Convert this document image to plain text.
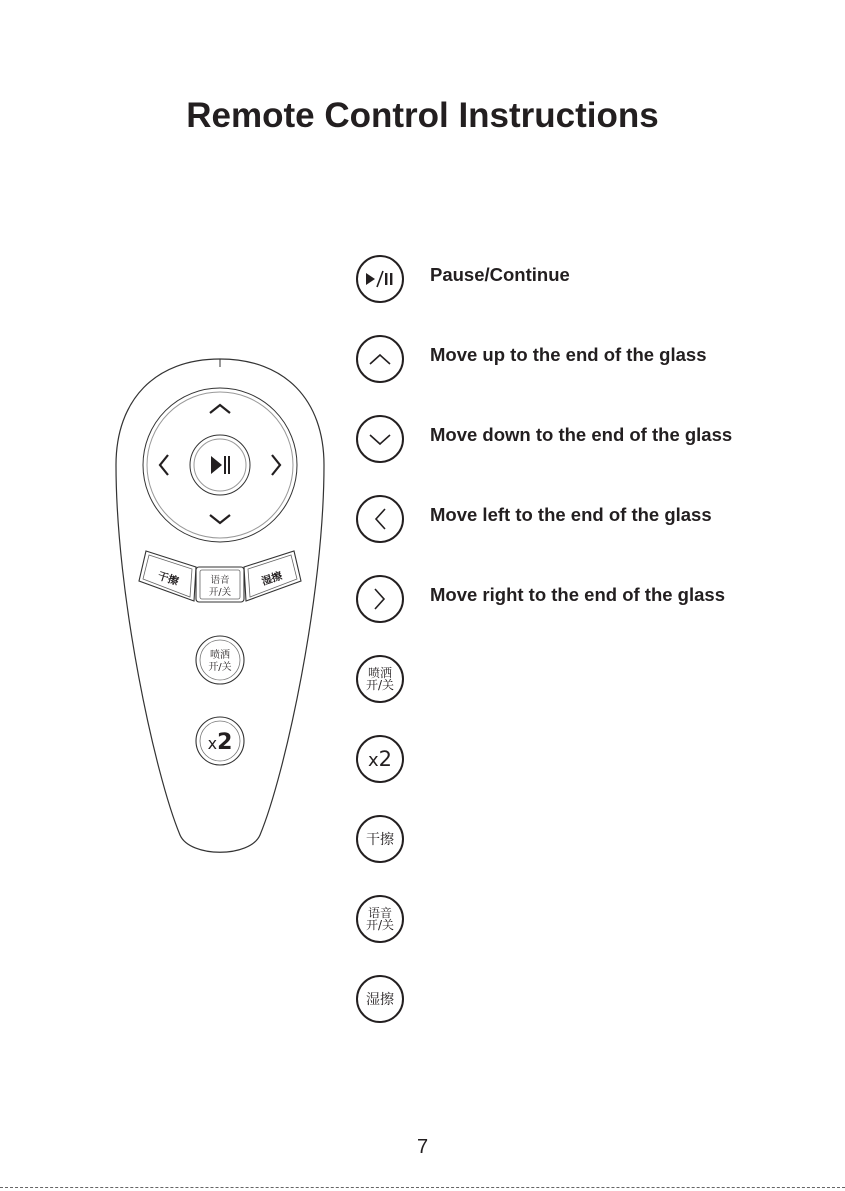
Remote Control Instructions
干擦	语音
开/关
湿擦
喷洒
开/关
x2
Pause/Continue
Move up to the end of the glass
Move down to the end of the glass
Move left to the end of the glass
Move right to the end of the glass
喷洒
开/关
x2
干擦
语音
开/关
湿擦
7
